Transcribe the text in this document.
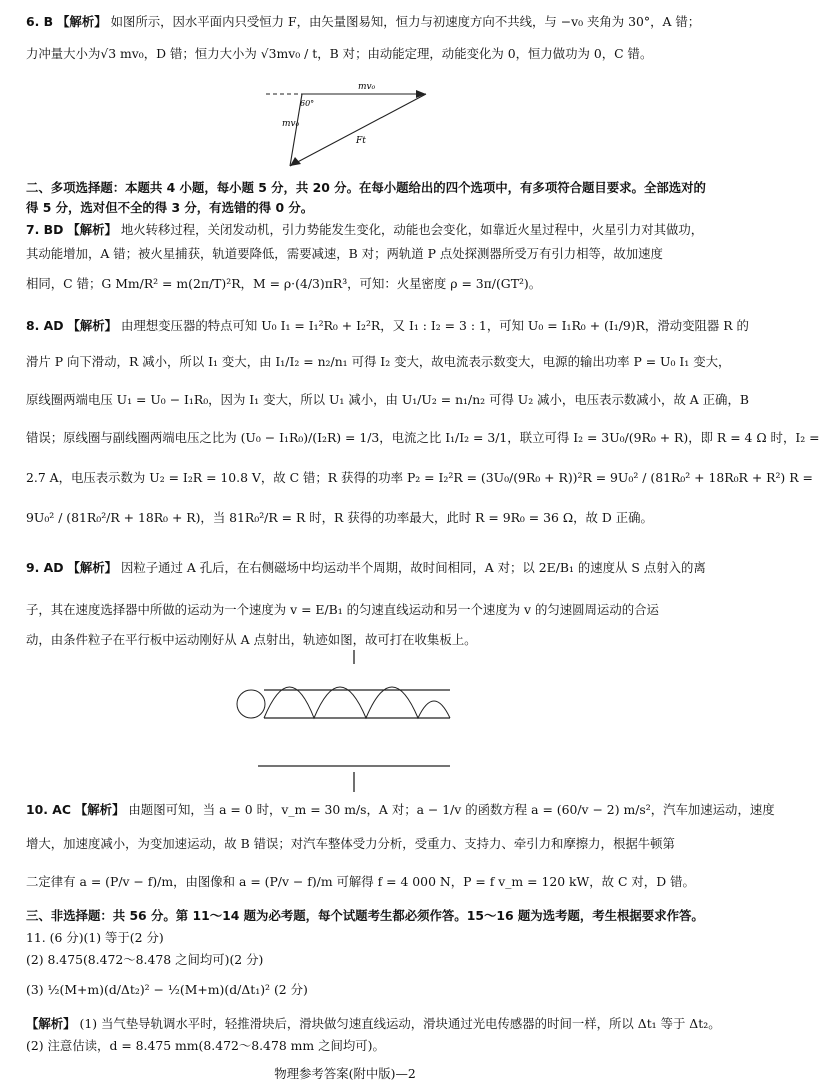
6. B 【解析】 如图所示，因水平面内只受恒力 F，由矢量图易知，恒力与初速度方向不共线，与 −v₀ 夹角为 30°，A 错；
力冲量大小为√3 mv₀，D 错；恒力大小为 √3mv₀ / t，B 对；由动能定理，动能变化为 0，恒力做功为 0，C 错。
mv₀
60°
mv₀
Ft
二、多项选择题：本题共 4 小题，每小题 5 分，共 20 分。在每小题给出的四个选项中，有多项符合题目要求。全部选对的
得 5 分，选对但不全的得 3 分，有选错的得 0 分。
7. BD 【解析】 地火转移过程，关闭发动机，引力势能发生变化，动能也会变化，如靠近火星过程中，火星引力对其做功，
其动能增加，A 错；被火星捕获，轨道要降低，需要减速，B 对；两轨道 P 点处探测器所受万有引力相等，故加速度
相同，C 错；G Mm/R² = m(2π/T)²R，M = ρ·(4/3)πR³，可知：火星密度 ρ = 3π/(GT²)。
8. AD 【解析】 由理想变压器的特点可知 U₀ I₁ = I₁²R₀ + I₂²R，又 I₁ : I₂ = 3 : 1，可知 U₀ = I₁R₀ + (I₁/9)R，滑动变阻器 R 的
滑片 P 向下滑动，R 减小，所以 I₁ 变大，由 I₁/I₂ = n₂/n₁ 可得 I₂ 变大，故电流表示数变大，电源的输出功率 P = U₀ I₁ 变大，
原线圈两端电压 U₁ = U₀ − I₁R₀，因为 I₁ 变大，所以 U₁ 减小，由 U₁/U₂ = n₁/n₂ 可得 U₂ 减小，电压表示数减小，故 A 正确，B
错误；原线圈与副线圈两端电压之比为 (U₀ − I₁R₀)/(I₂R) = 1/3，电流之比 I₁/I₂ = 3/1，联立可得 I₂ = 3U₀/(9R₀ + R)，即 R = 4 Ω 时，I₂ =
2.7 A，电压表示数为 U₂ = I₂R = 10.8 V，故 C 错；R 获得的功率 P₂ = I₂²R = (3U₀/(9R₀ + R))²R = 9U₀² / (81R₀² + 18R₀R + R²) R =
9U₀² / (81R₀²/R + 18R₀ + R)，当 81R₀²/R = R 时，R 获得的功率最大，此时 R = 9R₀ = 36 Ω，故 D 正确。
9. AD 【解析】 因粒子通过 A 孔后，在右侧磁场中均运动半个周期，故时间相同，A 对；以 2E/B₁ 的速度从 S 点射入的离
子，其在速度选择器中所做的运动为一个速度为 v = E/B₁ 的匀速直线运动和另一个速度为 v 的匀速圆周运动的合运
动，由条件粒子在平行板中运动刚好从 A 点射出，轨迹如图，故可打在收集板上。
10. AC 【解析】 由题图可知，当 a = 0 时，v_m = 30 m/s，A 对；a − 1/v 的函数方程 a = (60/v − 2) m/s²，汽车加速运动，速度
增大，加速度减小，为变加速运动，故 B 错误；对汽车整体受力分析，受重力、支持力、牵引力和摩擦力，根据牛顿第
二定律有 a = (P/v − f)/m，由图像和 a = (P/v − f)/m 可解得 f = 4 000 N，P = f v_m = 120 kW，故 C 对，D 错。
三、非选择题：共 56 分。第 11～14 题为必考题，每个试题考生都必须作答。15～16 题为选考题，考生根据要求作答。
11. (6 分)(1) 等于(2 分)
(2) 8.475(8.472～8.478 之间均可)(2 分)
(3) ½(M+m)(d/Δt₂)² − ½(M+m)(d/Δt₁)² (2 分)
【解析】 (1) 当气垫导轨调水平时，轻推滑块后，滑块做匀速直线运动，滑块通过光电传感器的时间一样，所以 Δt₁ 等于 Δt₂。
(2) 注意估读，d = 8.475 mm(8.472～8.478 mm 之间均可)。
物理参考答案(附中版)—2
